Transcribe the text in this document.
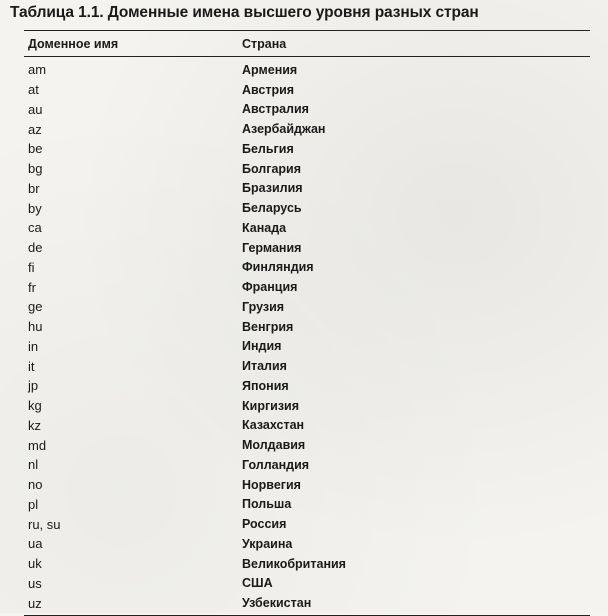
Таблица 1.1. Доменные имена высшего уровня разных стран
Доменное имя	Страна
am	Армения
at	Австрия
au	Австралия
az	Азербайджан
be	Бельгия
bg	Болгария
br	Бразилия
by	Беларусь
ca	Канада
de	Германия
fi	Финляндия
fr	Франция
ge	Грузия
hu	Венгрия
in	Индия
it	Италия
jp	Япония
kg	Киргизия
kz	Казахстан
md	Молдавия
nl	Голландия
no	Норвегия
pl	Польша
ru, su	Россия
ua	Украина
uk	Великобритания
us	США
uz	Узбекистан
